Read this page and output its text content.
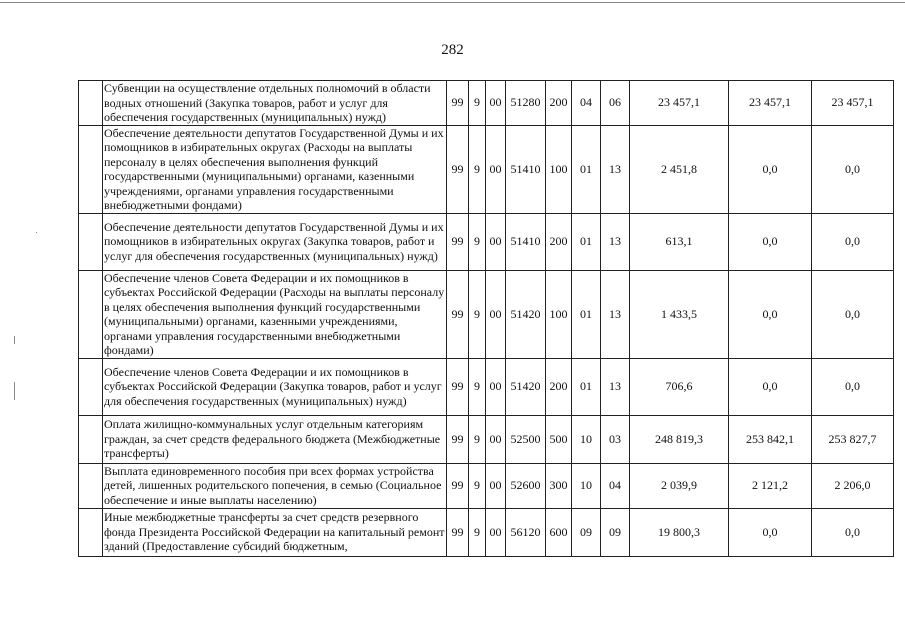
282
	Субвенции на осуществление отдельных полномочий в области водных отношений (Закупка товаров, работ и услуг для обеспечения государственных (муниципальных) нужд)	99	9	00	51280	200	04	06	23 457,1	23 457,1	23 457,1
	Обеспечение деятельности депутатов Государственной Думы и их помощников в избирательных округах (Расходы на выплаты персоналу в целях обеспечения выполнения функций государственными (муниципальными) органами, казенными учреждениями, органами управления государственными внебюджетными фондами)	99	9	00	51410	100	01	13	2 451,8	0,0	0,0
	Обеспечение деятельности депутатов Государственной Думы и их помощников в избирательных округах (Закупка товаров, работ и услуг для обеспечения государственных (муниципальных) нужд)	99	9	00	51410	200	01	13	613,1	0,0	0,0
	Обеспечение членов Совета Федерации и их помощников в субъектах Российской Федерации (Расходы на выплаты персоналу в целях обеспечения выполнения функций государственными (муниципальными) органами, казенными учреждениями, органами управления государственными внебюджетными фондами)	99	9	00	51420	100	01	13	1 433,5	0,0	0,0
	Обеспечение членов Совета Федерации и их помощников в субъектах Российской Федерации (Закупка товаров, работ и услуг для обеспечения государственных (муниципальных) нужд)	99	9	00	51420	200	01	13	706,6	0,0	0,0
	Оплата жилищно-коммунальных услуг отдельным категориям граждан, за счет средств федерального бюджета (Межбюджетные трансферты)	99	9	00	52500	500	10	03	248 819,3	253 842,1	253 827,7
	Выплата единовременного пособия при всех формах устройства детей, лишенных родительского попечения, в семью (Социальное обеспечение и иные выплаты населению)	99	9	00	52600	300	10	04	2 039,9	2 121,2	2 206,0
	Иные межбюджетные трансферты за счет средств резервного фонда Президента Российской Федерации на капитальный ремонт зданий (Предоставление субсидий бюджетным,	99	9	00	56120	600	09	09	19 800,3	0,0	0,0
